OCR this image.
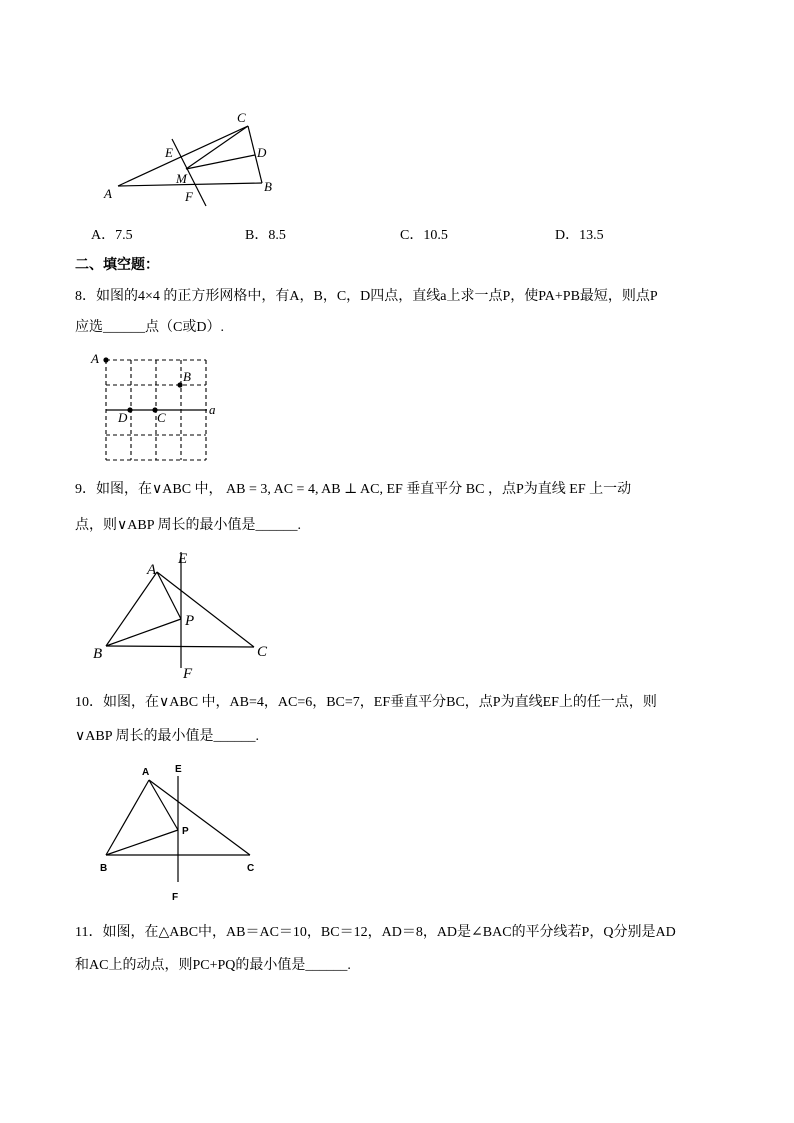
C
E	D
M
A	B
F
A
B
D C
a
A
E
P
B	C
F
A	E
P
B	C
F
A．7.5	B．8.5	C．10.5	D．13.5
二、填空题：
8．如图的4×4 的正方形网格中，有A，B，C，D四点，直线a上求一点P，使PA+PB最短，则点P
应选______点（C或D）.
9．如图，在∨ABC 中， AB = 3, AC = 4, AB ⊥ AC, EF 垂直平分 BC ，点P为直线 EF 上一动
点，则∨ABP 周长的最小值是______.
10．如图，在∨ABC 中，AB=4，AC=6，BC=7，EF垂直平分BC，点P为直线EF上的任一点，则
∨ABP 周长的最小值是______.
11．如图，在△ABC中，AB＝AC＝10，BC＝12，AD＝8，AD是∠BAC的平分线若P，Q分别是AD
和AC上的动点，则PC+PQ的最小值是______.
